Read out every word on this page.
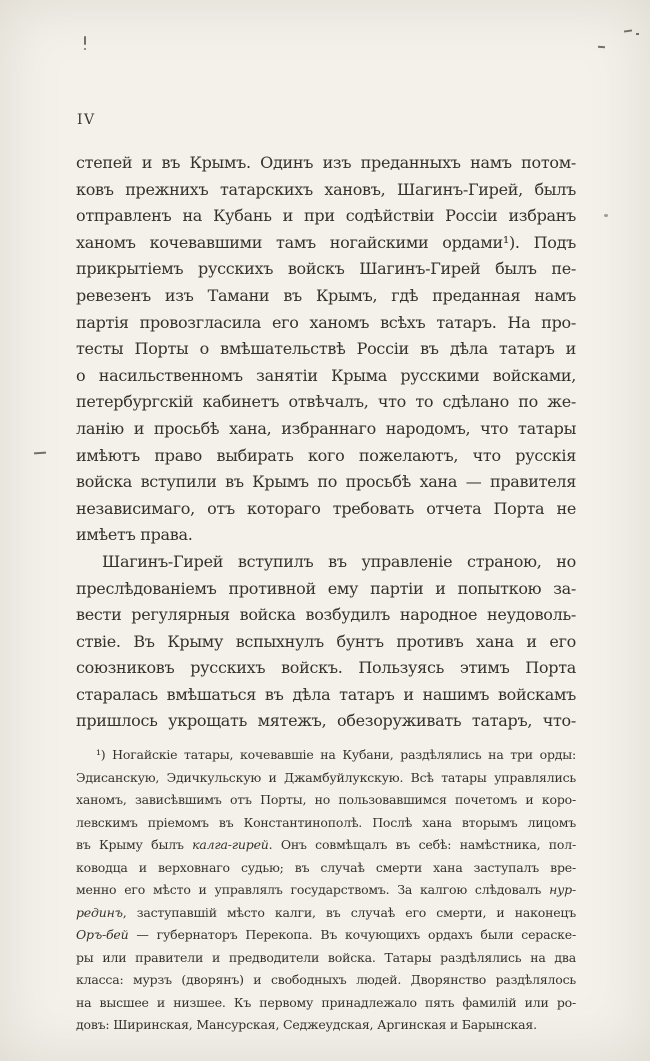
IV
степей и въ Крымъ. Одинъ изъ преданныхъ намъ потом-
ковъ прежнихъ татарскихъ хановъ, Шагинъ-Гирей, былъ
отправленъ на Кубань и при содѣйствіи Россіи избранъ
ханомъ кочевавшими тамъ ногайскими ордами¹). Подъ
прикрытіемъ русскихъ войскъ Шагинъ-Гирей былъ пе-
ревезенъ изъ Тамани въ Крымъ, гдѣ преданная намъ
партія провозгласила его ханомъ всѣхъ татаръ. На про-
тесты Порты о вмѣшательствѣ Россіи въ дѣла татаръ и
о насильственномъ занятіи Крыма русскими войсками,
петербургскій кабинетъ отвѣчалъ, что то сдѣлано по же-
ланію и просьбѣ хана, избраннаго народомъ, что татары
имѣютъ право выбирать кого пожелаютъ, что русскія
войска вступили въ Крымъ по просьбѣ хана — правителя
независимаго, отъ котораго требовать отчета Порта не
имѣетъ права.
Шагинъ-Гирей вступилъ въ управленіе страною, но
преслѣдованіемъ противной ему партіи и попыткою за-
вести регулярныя войска возбудилъ народное неудоволь-
ствіе. Въ Крыму вспыхнулъ бунтъ противъ хана и его
союзниковъ русскихъ войскъ. Пользуясь этимъ Порта
старалась вмѣшаться въ дѣла татаръ и нашимъ войскамъ
пришлось укрощать мятежъ, обезоруживать татаръ, что-
¹) Ногайскіе татары, кочевавшіе на Кубани, раздѣлялись на три орды:
Эдисанскую, Эдичкульскую и Джамбуйлукскую. Всѣ татары управлялись
ханомъ, зависѣвшимъ отъ Порты, но пользовавшимся почетомъ и коро-
левскимъ пріемомъ въ Константинополѣ. Послѣ хана вторымъ лицомъ
въ Крыму былъ калга-гирей. Онъ совмѣщалъ въ себѣ: намѣстника, пол-
ководца и верховнаго судью; въ случаѣ смерти хана заступалъ вре-
менно его мѣсто и управлялъ государствомъ. За калгою слѣдовалъ нур-
рединъ, заступавшій мѣсто калги, въ случаѣ его смерти, и наконецъ
Оръ-бей — губернаторъ Перекопа. Въ кочующихъ ордахъ были сераске-
ры или правители и предводители войска. Татары раздѣлялись на два
класса: мурзъ (дворянъ) и свободныхъ людей. Дворянство раздѣлялось
на высшее и низшее. Къ первому принадлежало пять фамилій или ро-
довъ: Ширинская, Мансурская, Седжеудская, Аргинская и Барынская.
